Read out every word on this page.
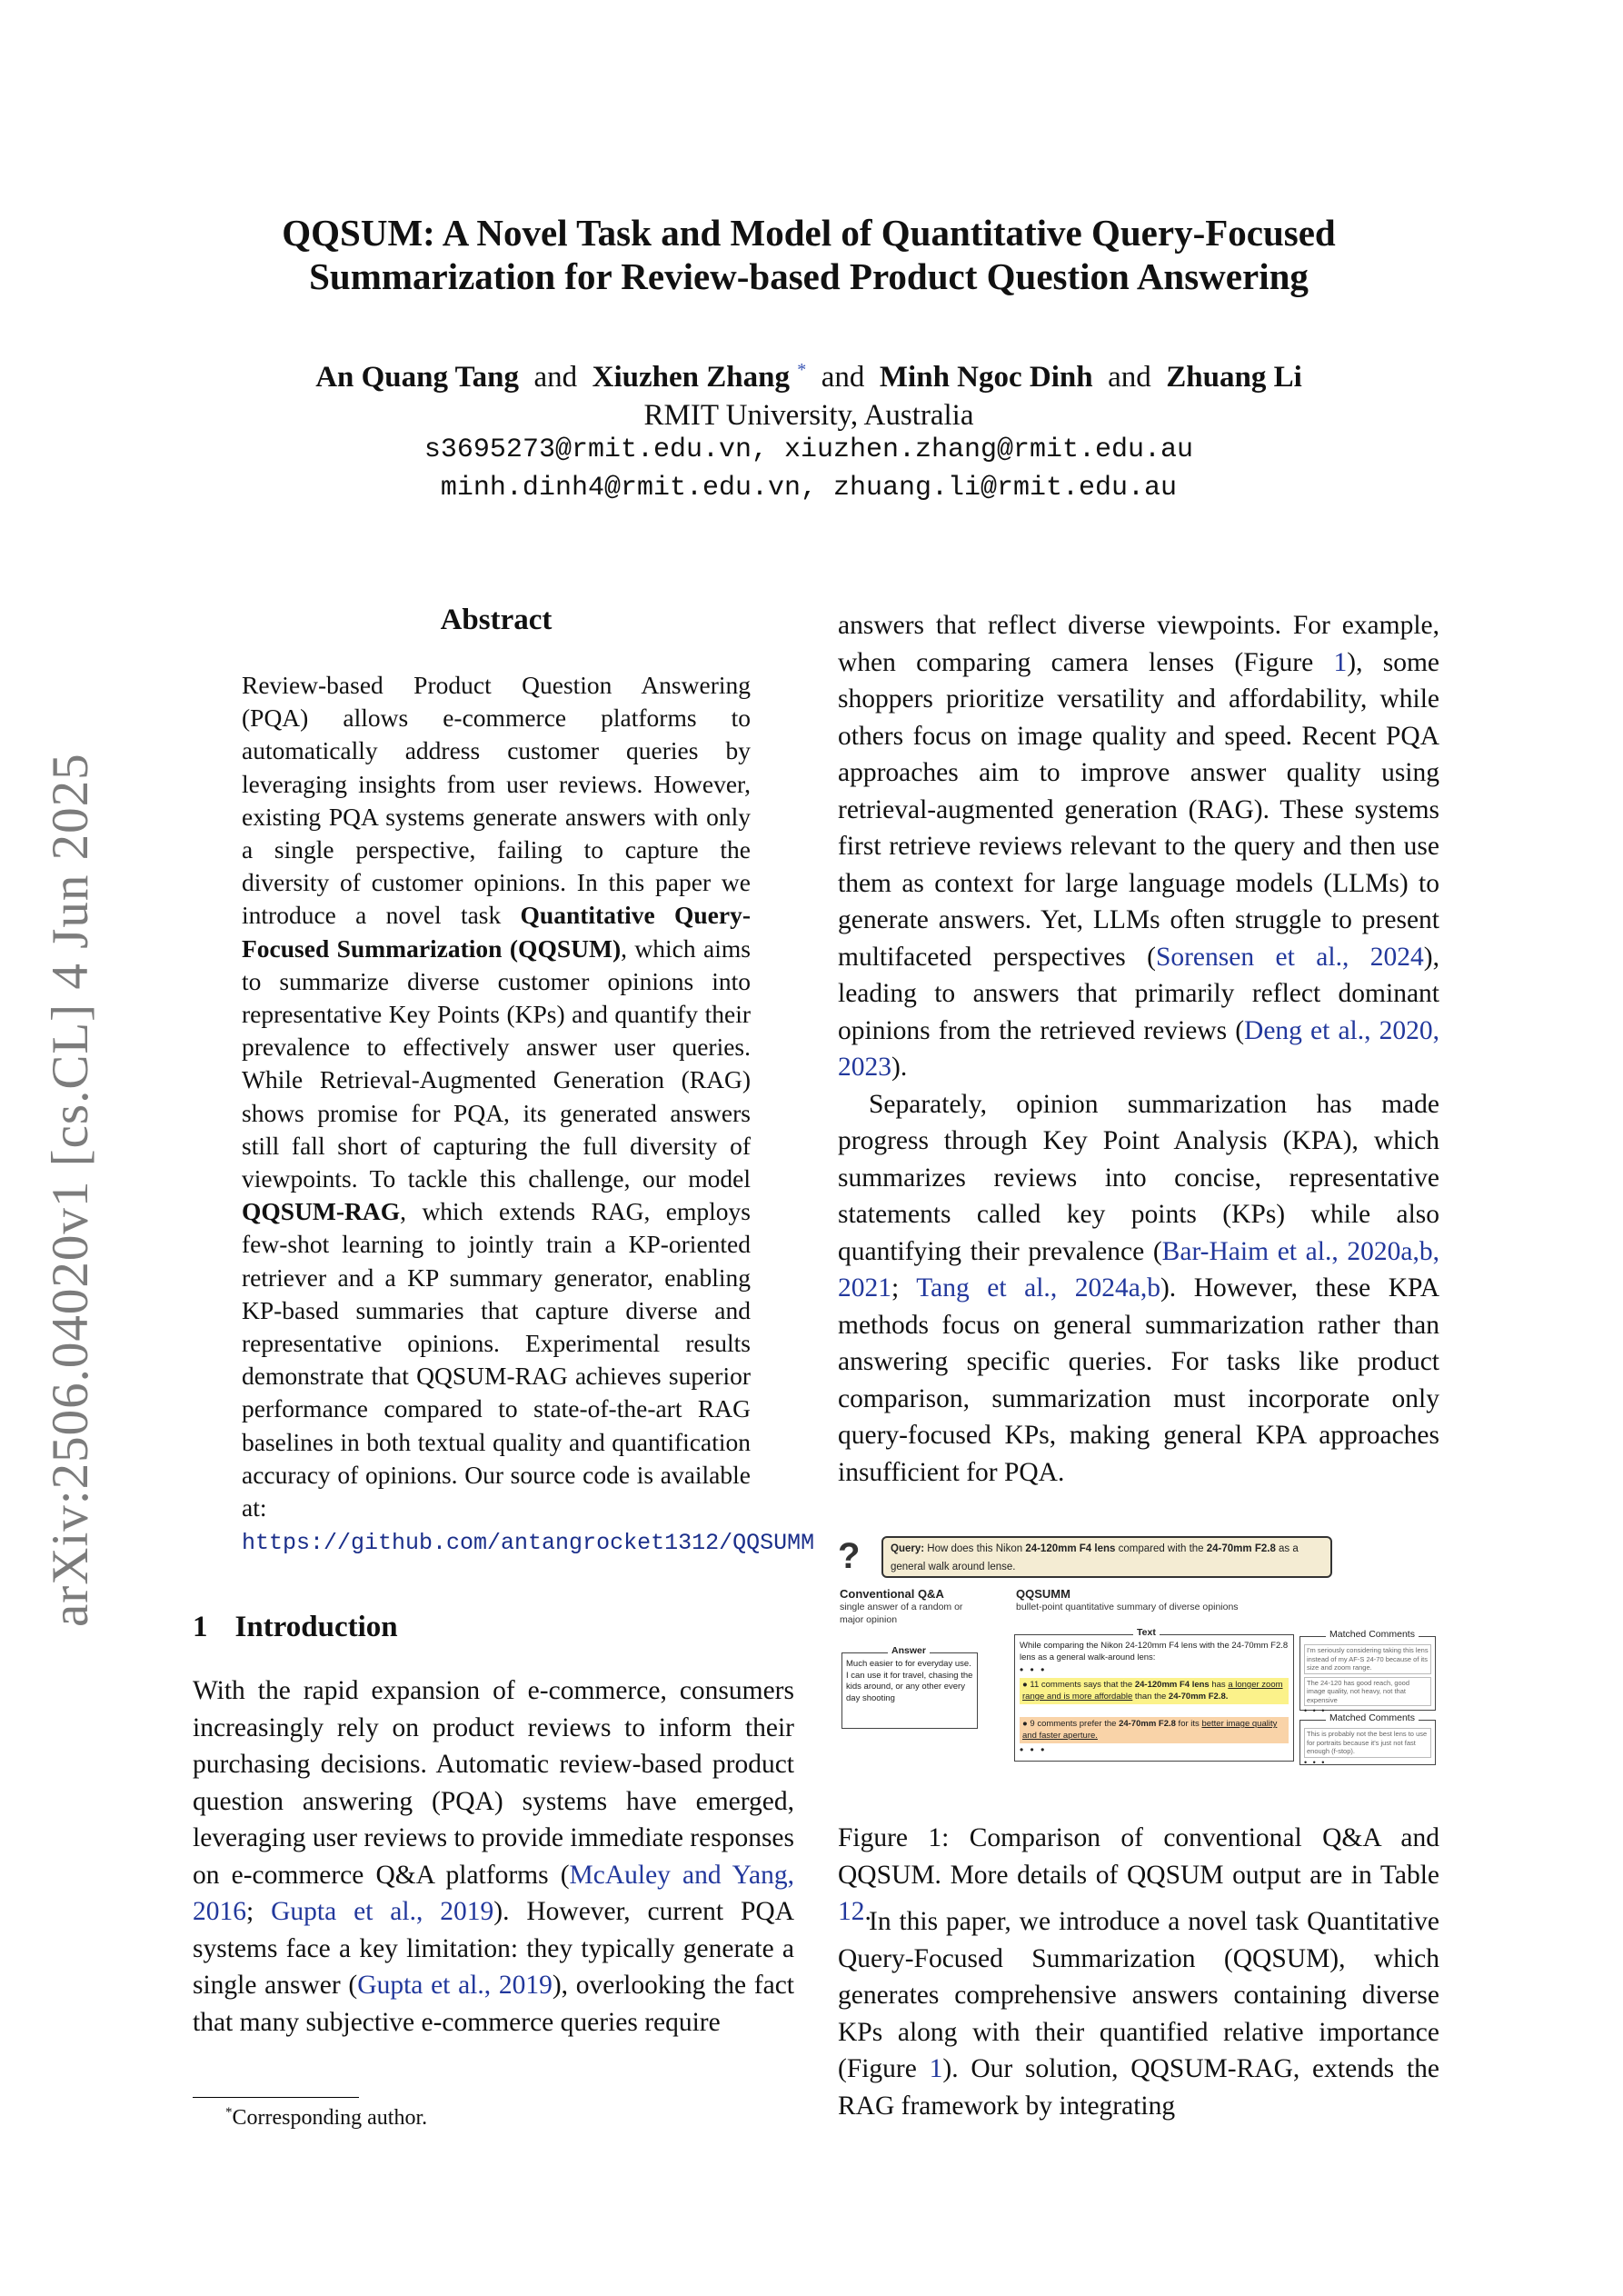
arXiv:2506.04020v1 [cs.CL] 4 Jun 2025
QQSUM: A Novel Task and Model of Quantitative Query-Focused
Summarization for Review-based Product Question Answering
An Quang Tang and Xiuzhen Zhang * and Minh Ngoc Dinh and Zhuang Li
RMIT University, Australia
s3695273@rmit.edu.vn, xiuzhen.zhang@rmit.edu.au
minh.dinh4@rmit.edu.vn, zhuang.li@rmit.edu.au
Abstract
Review-based Product Question Answering (PQA) allows e-commerce platforms to automatically address customer queries by leveraging insights from user reviews. However, existing PQA systems generate answers with only a single perspective, failing to capture the diversity of customer opinions. In this paper we introduce a novel task Quantitative Query-Focused Summarization (QQSUM), which aims to summarize diverse customer opinions into representative Key Points (KPs) and quantify their prevalence to effectively answer user queries. While Retrieval-Augmented Generation (RAG) shows promise for PQA, its generated answers still fall short of capturing the full diversity of viewpoints. To tackle this challenge, our model QQSUM-RAG, which extends RAG, employs few-shot learning to jointly train a KP-oriented retriever and a KP summary generator, enabling KP-based summaries that capture diverse and representative opinions. Experimental results demonstrate that QQSUM-RAG achieves superior performance compared to state-of-the-art RAG baselines in both textual quality and quantification accuracy of opinions. Our source code is available at: https://github.com/antangrocket1312/QQSUMM
1 Introduction
With the rapid expansion of e-commerce, consumers increasingly rely on product reviews to inform their purchasing decisions. Automatic review-based product question answering (PQA) systems have emerged, leveraging user reviews to provide immediate responses on e-commerce Q&A platforms (McAuley and Yang, 2016; Gupta et al., 2019). However, current PQA systems face a key limitation: they typically generate a single answer (Gupta et al., 2019), overlooking the fact that many subjective e-commerce queries require
*Corresponding author.

answers that reflect diverse viewpoints. For example, when comparing camera lenses (Figure 1), some shoppers prioritize versatility and affordability, while others focus on image quality and speed. Recent PQA approaches aim to improve answer quality using retrieval-augmented generation (RAG). These systems first retrieve reviews relevant to the query and then use them as context for large language models (LLMs) to generate answers. Yet, LLMs often struggle to present multifaceted perspectives (Sorensen et al., 2024), leading to answers that primarily reflect dominant opinions from the retrieved reviews (Deng et al., 2020, 2023).

Separately, opinion summarization has made progress through Key Point Analysis (KPA), which summarizes reviews into concise, representative statements called key points (KPs) while also quantifying their prevalence (Bar-Haim et al., 2020a,b, 2021; Tang et al., 2024a,b). However, these KPA methods focus on general summarization rather than answering specific queries. For tasks like product comparison, summarization must incorporate only query-focused KPs, making general KPA approaches insufficient for PQA.

?	Query: How does this Nikon 24-120mm F4 lens compared with the 24-70mm F2.8 as a general walk around lense.
Conventional Q&A
single answer of a random or major opinion
Answer
Much easier to for everyday use. I can use it for travel, chasing the kids around, or any other every day shooting
QQSUMM
bullet-point quantitative summary of diverse opinions
Text
While comparing the Nikon 24-120mm F4 lens with the 24-70mm F2.8 lens as a general walk-around lens:
• • •
● 11 comments says that the 24-120mm F4 lens has a longer zoom range and is more affordable than the 24-70mm F2.8.
● 9 comments prefer the 24-70mm F2.8 for its better image quality and faster aperture.
• • •
Matched Comments
I'm seriously considering taking this lens instead of my AF-S 24-70 because of its size and zoom range.
The 24-120 has good reach, good image quality, not heavy, not that expensive
• • •
Matched Comments
This is probably not the best lens to use for portraits because it's just not fast enough (f-stop).
• • •
Figure 1: Comparison of conventional Q&A and QQSUM. More details of QQSUM output are in Table 12.

In this paper, we introduce a novel task Quantitative Query-Focused Summarization (QQSUM), which generates comprehensive answers containing diverse KPs along with their quantified relative importance (Figure 1). Our solution, QQSUM-RAG, extends the RAG framework by integrating
